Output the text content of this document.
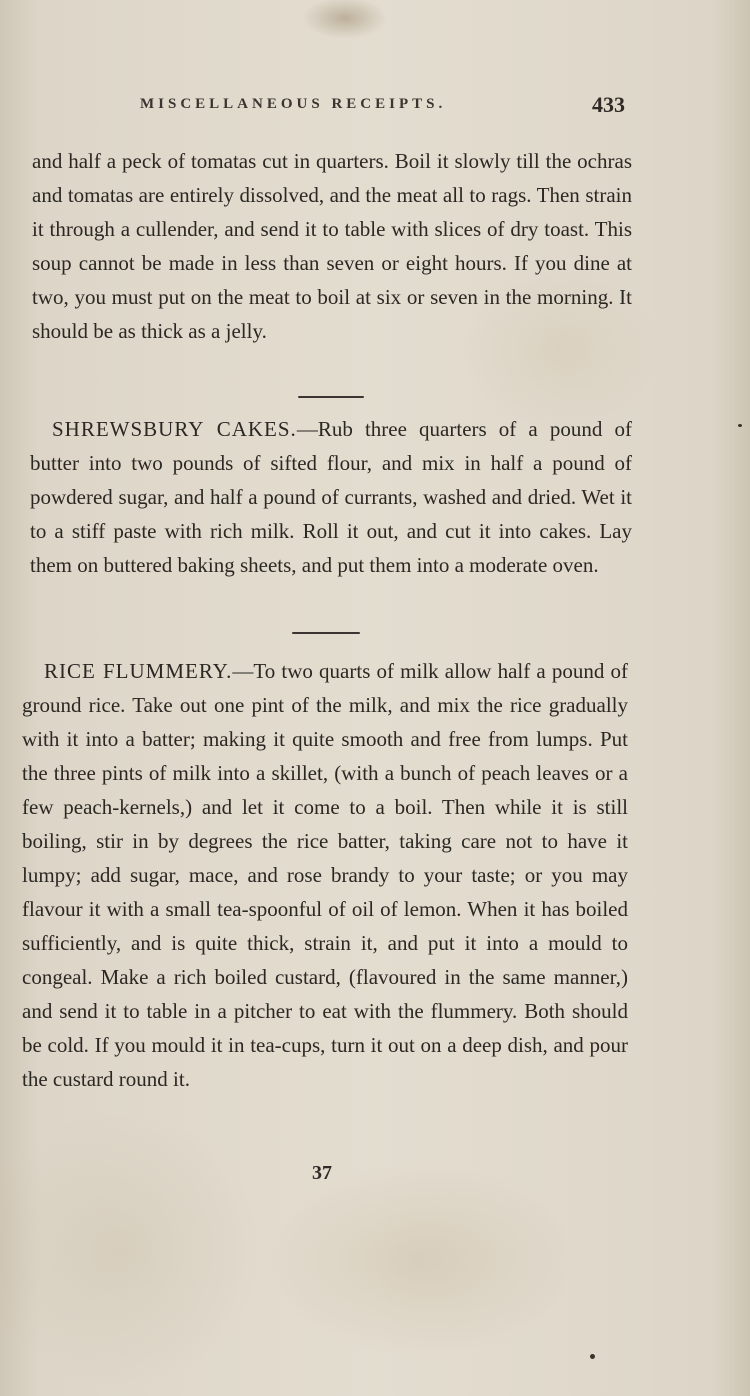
MISCELLANEOUS RECEIPTS.	433

and half a peck of tomatas cut in quarters. Boil it slowly till the ochras and tomatas are entirely dissolved, and the meat all to rags. Then strain it through a cullender, and send it to table with slices of dry toast. This soup cannot be made in less than seven or eight hours. If you dine at two, you must put on the meat to boil at six or seven in the morning. It should be as thick as a jelly.

SHREWSBURY CAKES.—Rub three quarters of a pound of butter into two pounds of sifted flour, and mix in half a pound of powdered sugar, and half a pound of currants, washed and dried. Wet it to a stiff paste with rich milk. Roll it out, and cut it into cakes. Lay them on buttered baking sheets, and put them into a moderate oven.

RICE FLUMMERY.—To two quarts of milk allow half a pound of ground rice. Take out one pint of the milk, and mix the rice gradually with it into a batter; making it quite smooth and free from lumps. Put the three pints of milk into a skillet, (with a bunch of peach leaves or a few peach-kernels,) and let it come to a boil. Then while it is still boiling, stir in by degrees the rice batter, taking care not to have it lumpy; add sugar, mace, and rose brandy to your taste; or you may flavour it with a small tea-spoonful of oil of lemon. When it has boiled sufficiently, and is quite thick, strain it, and put it into a mould to congeal. Make a rich boiled custard, (flavoured in the same manner,) and send it to table in a pitcher to eat with the flummery. Both should be cold. If you mould it in tea-cups, turn it out on a deep dish, and pour the custard round it.

37
